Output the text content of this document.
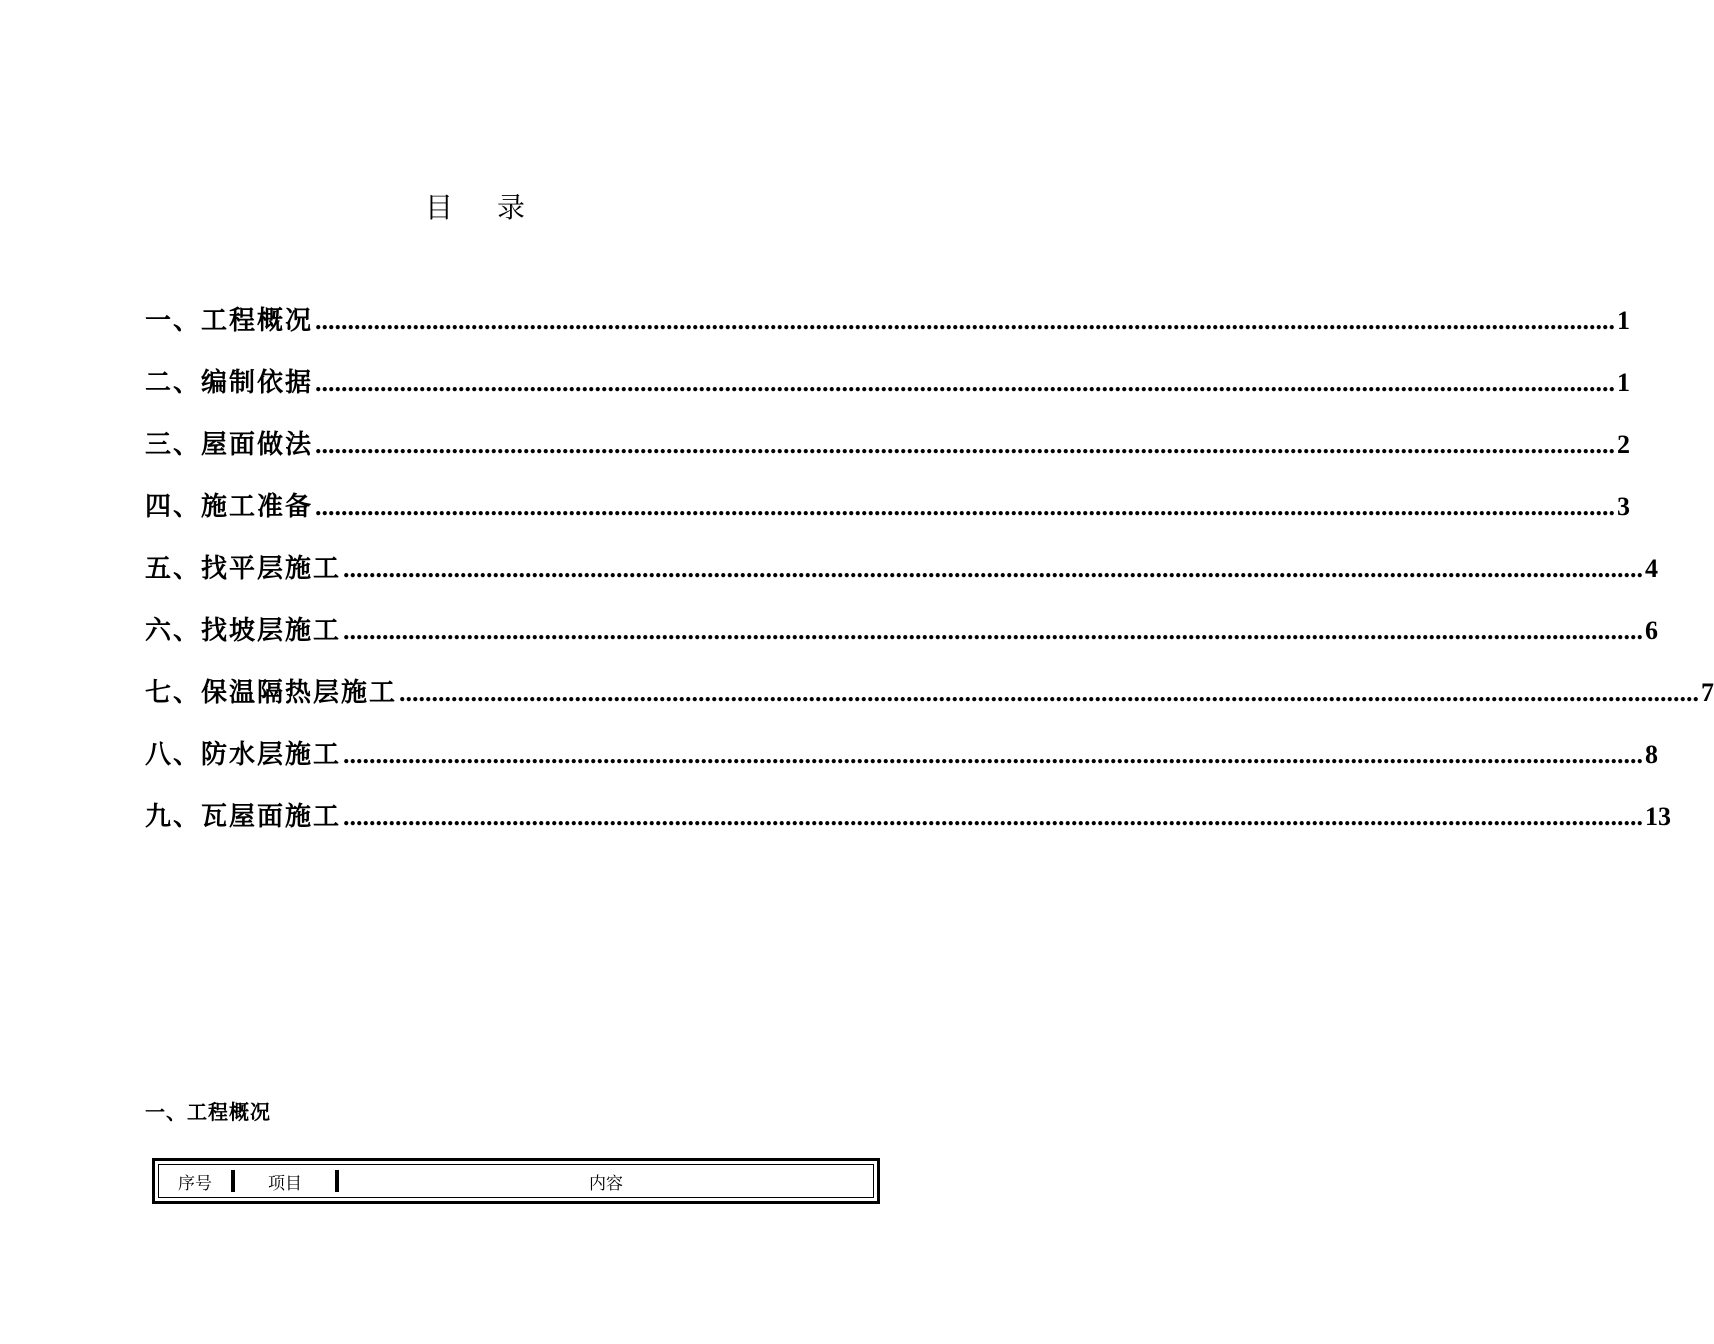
目 录
一、工程概况 ........................................................................................................................................................................................................ 1
二、编制依据 ........................................................................................................................................................................................................ 1
三、屋面做法 ........................................................................................................................................................................................................ 2
四、施工准备 ........................................................................................................................................................................................................ 3
五、找平层施工 ........................................................................................................................................................................................................ 4
六、找坡层施工 ........................................................................................................................................................................................................ 6
七、保温隔热层施工 ........................................................................................................................................................................................................ 7
八、防水层施工 ........................................................................................................................................................................................................ 8
九、瓦屋面施工 ........................................................................................................................................................................................................ 13
一、工程概况
序号	项目	内容
